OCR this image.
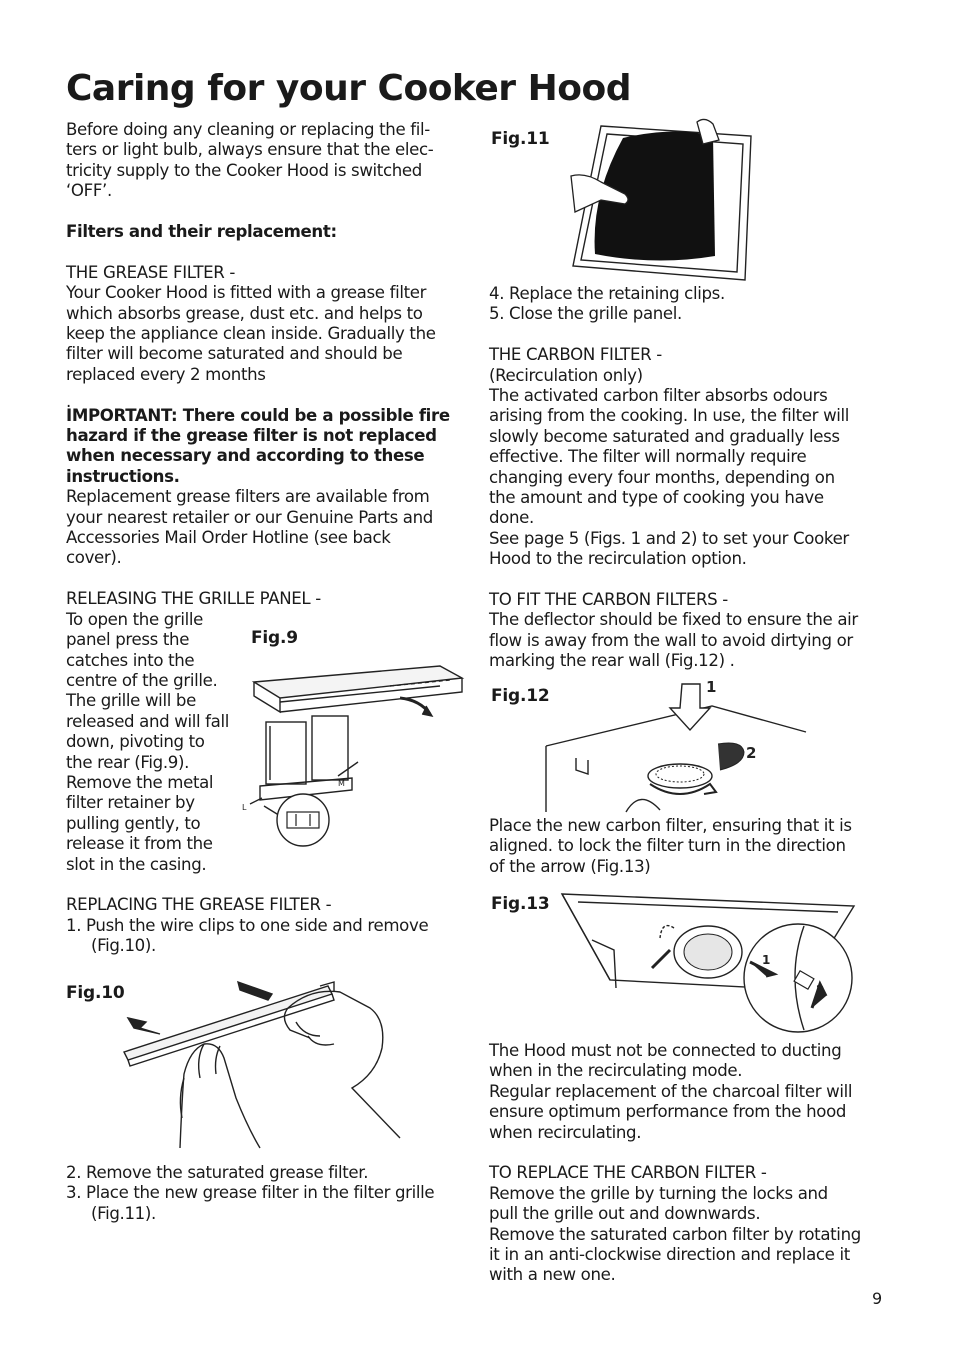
Caring for your Cooker Hood

Before doing any cleaning or replacing the fil-
ters or light bulb, always ensure that the elec-
tricity supply to the Cooker Hood is switched
‘OFF’.

Filters and their replacement:

THE GREASE FILTER -

Your Cooker Hood is fitted with a grease filter
which absorbs grease, dust etc. and helps to
keep the appliance clean inside. Gradually the
filter will become saturated and should be
replaced every 2 months

.

IMPORTANT: There could be a possible fire
hazard if the grease filter is not replaced
when necessary and according to these
instructions.

Replacement grease filters are available from
your nearest retailer or our Genuine Parts and
Accessories Mail Order Hotline (see back
cover).

RELEASING THE GRILLE PANEL -

To open the grille
panel press the
catches into the
centre of the grille.
The grille will be
released and will fall
down, pivoting to
the rear (Fig.9).
Remove the metal
filter retainer by
pulling gently, to
release it from the
slot in the casing.

REPLACING THE GREASE FILTER -

1. Push the wire clips to one side and remove
(Fig.10).

2. Remove the saturated grease filter.

3. Place the new grease filter in the filter grille
(Fig.11).

Fig.9
M
L
Fig.10
Fig.11

4. Replace the retaining clips.

5. Close the grille panel.

THE CARBON FILTER -

(Recirculation only)

The activated carbon filter absorbs odours
arising from the cooking. In use, the filter will
slowly become saturated and gradually less
effective. The filter will normally require
changing every four months, depending on
the amount and type of cooking you have
done.

See page 5 (Figs. 1 and 2) to set your Cooker
Hood to the recirculation option.

TO FIT THE CARBON FILTERS -

The deflector should be fixed to ensure the air
flow is away from the wall to avoid dirtying or
marking the rear wall (Fig.12) .

Fig.12	1
2

Place the new carbon filter, ensuring that it is
aligned. to lock the filter turn in the direction
of the arrow (Fig.13)

Fig.13
1
2

The Hood must not be connected to ducting
when in the recirculating mode.

Regular replacement of the charcoal filter will
ensure optimum performance from the hood
when recirculating.

TO REPLACE THE CARBON FILTER -

Remove the grille by turning the locks and
pull the grille out and downwards.

Remove the saturated carbon filter by rotating
it in an anti-clockwise direction and replace it
with a new one.

9
